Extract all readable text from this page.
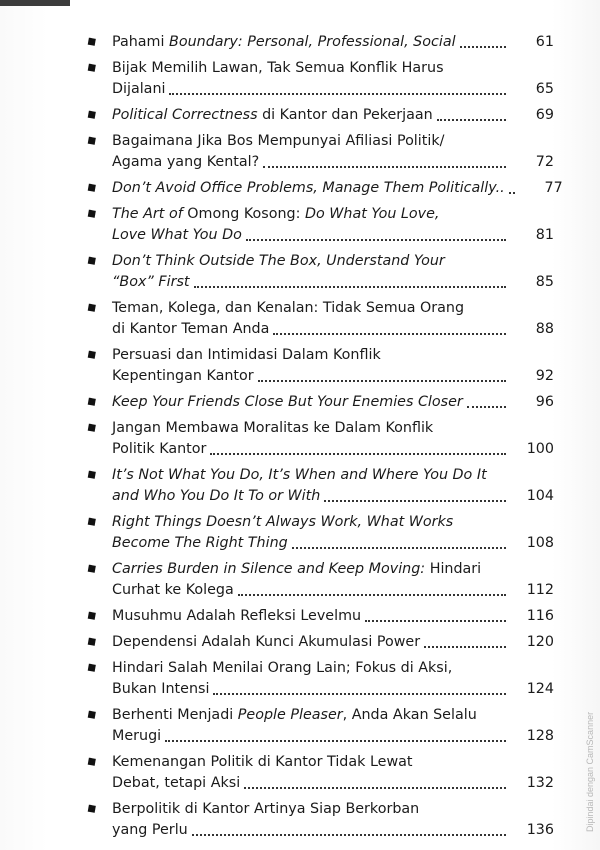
◆ Pahami Boundary: Personal, Professional, Social	61
◆ Bijak Memilih Lawan, Tak Semua Konflik Harus
Dijalani	65
◆ Political Correctness di Kantor dan Pekerjaan	69
◆ Bagaimana Jika Bos Mempunyai Afiliasi Politik/
Agama yang Kental?	72
◆ Don’t Avoid Office Problems, Manage Them Politically..	77
◆ The Art of Omong Kosong: Do What You Love,
Love What You Do	81
◆ Don’t Think Outside The Box, Understand Your
“Box” First	85
◆ Teman, Kolega, dan Kenalan: Tidak Semua Orang
di Kantor Teman Anda	88
◆ Persuasi dan Intimidasi Dalam Konflik
Kepentingan Kantor	92
◆ Keep Your Friends Close But Your Enemies Closer	96
◆ Jangan Membawa Moralitas ke Dalam Konflik
Politik Kantor	100
◆ It’s Not What You Do, It’s When and Where You Do It
and Who You Do It To or With	104
◆ Right Things Doesn’t Always Work, What Works
Become The Right Thing	108
◆ Carries Burden in Silence and Keep Moving: Hindari
Curhat ke Kolega	112
◆ Musuhmu Adalah Refleksi Levelmu	116
◆ Dependensi Adalah Kunci Akumulasi Power	120
◆ Hindari Salah Menilai Orang Lain; Fokus di Aksi,
Bukan Intensi	124
◆ Berhenti Menjadi People Pleaser, Anda Akan Selalu
Merugi	128
◆ Kemenangan Politik di Kantor Tidak Lewat
Debat, tetapi Aksi	132
◆ Berpolitik di Kantor Artinya Siap Berkorban
yang Perlu	136	Dipindai dengan CamScanner
